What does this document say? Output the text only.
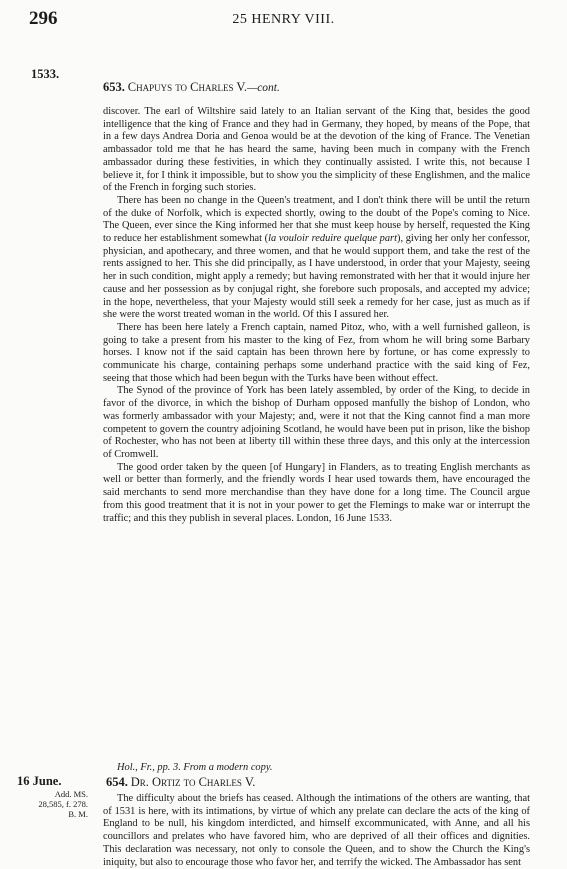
296	25 HENRY VIII.
1533.
653. Chapuys to Charles V.—cont.

discover. The earl of Wiltshire said lately to an Italian servant of the King that, besides the good intelligence that the king of France and they had in Germany, they hoped, by means of the Pope, that in a few days Andrea Doria and Genoa would be at the devotion of the king of France. The Venetian ambassador told me that he has heard the same, having been much in company with the French ambassador during these festivities, in which they continually assisted. I write this, not because I believe it, for I think it impossible, but to show you the simplicity of these Englishmen, and the malice of the French in forging such stories.

There has been no change in the Queen's treatment, and I don't think there will be until the return of the duke of Norfolk, which is expected shortly, owing to the doubt of the Pope's coming to Nice. The Queen, ever since the King informed her that she must keep house by herself, requested the King to reduce her establishment somewhat (la vouloir reduire quelque part), giving her only her confessor, physician, and apothecary, and three women, and that he would support them, and take the rest of the rents assigned to her. This she did principally, as I have understood, in order that your Majesty, seeing her in such condition, might apply a remedy; but having remonstrated with her that it would injure her cause and her possession as by conjugal right, she forebore such proposals, and accepted my advice; in the hope, nevertheless, that your Majesty would still seek a remedy for her case, just as much as if she were the worst treated woman in the world. Of this I assured her.

There has been here lately a French captain, named Pitoz, who, with a well furnished galleon, is going to take a present from his master to the king of Fez, from whom he will bring some Barbary horses. I know not if the said captain has been thrown here by fortune, or has come expressly to communicate his charge, containing perhaps some underhand practice with the said king of Fez, seeing that those which had been begun with the Turks have been without effect.

The Synod of the province of York has been lately assembled, by order of the King, to decide in favor of the divorce, in which the bishop of Durham opposed manfully the bishop of London, who was formerly ambassador with your Majesty; and, were it not that the King cannot find a man more competent to govern the country adjoining Scotland, he would have been put in prison, like the bishop of Rochester, who has not been at liberty till within these three days, and this only at the intercession of Cromwell.

The good order taken by the queen [of Hungary] in Flanders, as to treating English merchants as well or better than formerly, and the friendly words I hear used towards them, have encouraged the said merchants to send more merchandise than they have done for a long time. The Council argue from this good treatment that it is not in your power to get the Flemings to make war or interrupt the traffic; and this they publish in several places. London, 16 June 1533.

Hol., Fr., pp. 3. From a modern copy.
16 June.
Add. MS.
28,585, f. 278.
B. M.
654. Dr. Ortiz to Charles V.

The difficulty about the briefs has ceased. Although the intimations of the others are wanting, that of 1531 is here, with its intimations, by virtue of which any prelate can declare the acts of the king of England to be null, his kingdom interdicted, and himself excommunicated, with Anne, and all his councillors and prelates who have favored him, who are deprived of all their offices and dignities. This declaration was necessary, not only to console the Queen, and to show the Church the King's iniquity, but also to encourage those who favor her, and terrify the wicked. The Ambassador has sent
